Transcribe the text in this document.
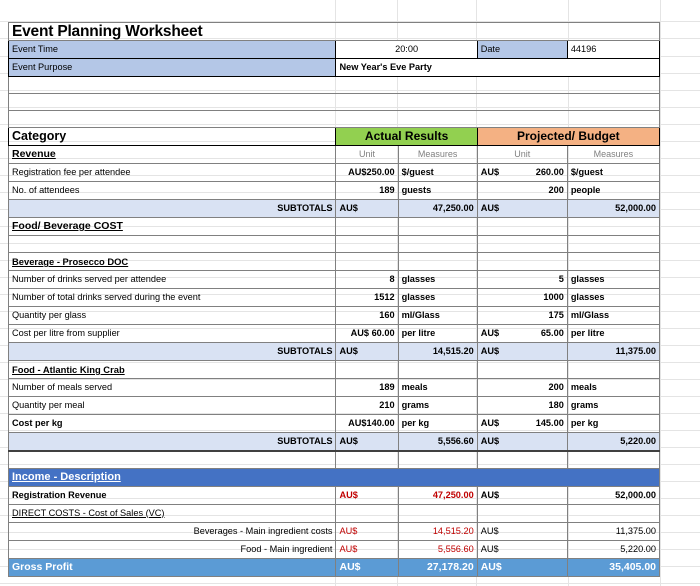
Event Planning Worksheet				
Event Time	20:00		Date	44196
Event Purpose	New Year's Eve Party			

Category	Actual Results		Projected/ Budget	
Revenue	Unit	Measures	Unit	Measures
Registration fee per attendee	AU$250.00	$/guest	AU$ 260.00	$/guest
No. of attendees	189	guests	200	people
SUBTOTALS	AU$	47,250.00	AU$	52,000.00
Food/ Beverage COST				

Beverage - Prosecco DOC				
Number of drinks served per attendee	8	glasses	5	glasses
Number of total drinks served during the event	1512	glasses	1000	glasses
Quantity per glass	160	ml/Glass	175	ml/Glass
Cost per litre from supplier	AU$ 60.00	per litre	AU$ 65.00	per litre
SUBTOTALS	AU$	14,515.20	AU$	11,375.00
Food - Atlantic King Crab				
Number of meals served	189	meals	200	meals
Quantity per meal	210	grams	180	grams
Cost per kg	AU$140.00	per kg	AU$ 145.00	per kg
SUBTOTALS	AU$	5,556.60	AU$	5,220.00

Income - Description				
Registration Revenue	AU$	47,250.00	AU$	52,000.00
DIRECT COSTS - Cost of Sales (VC)				
Beverages - Main ingredient costs	AU$	14,515.20	AU$	11,375.00
Food - Main ingredient	AU$	5,556.60	AU$	5,220.00
Gross Profit	AU$	27,178.20	AU$	35,405.00
